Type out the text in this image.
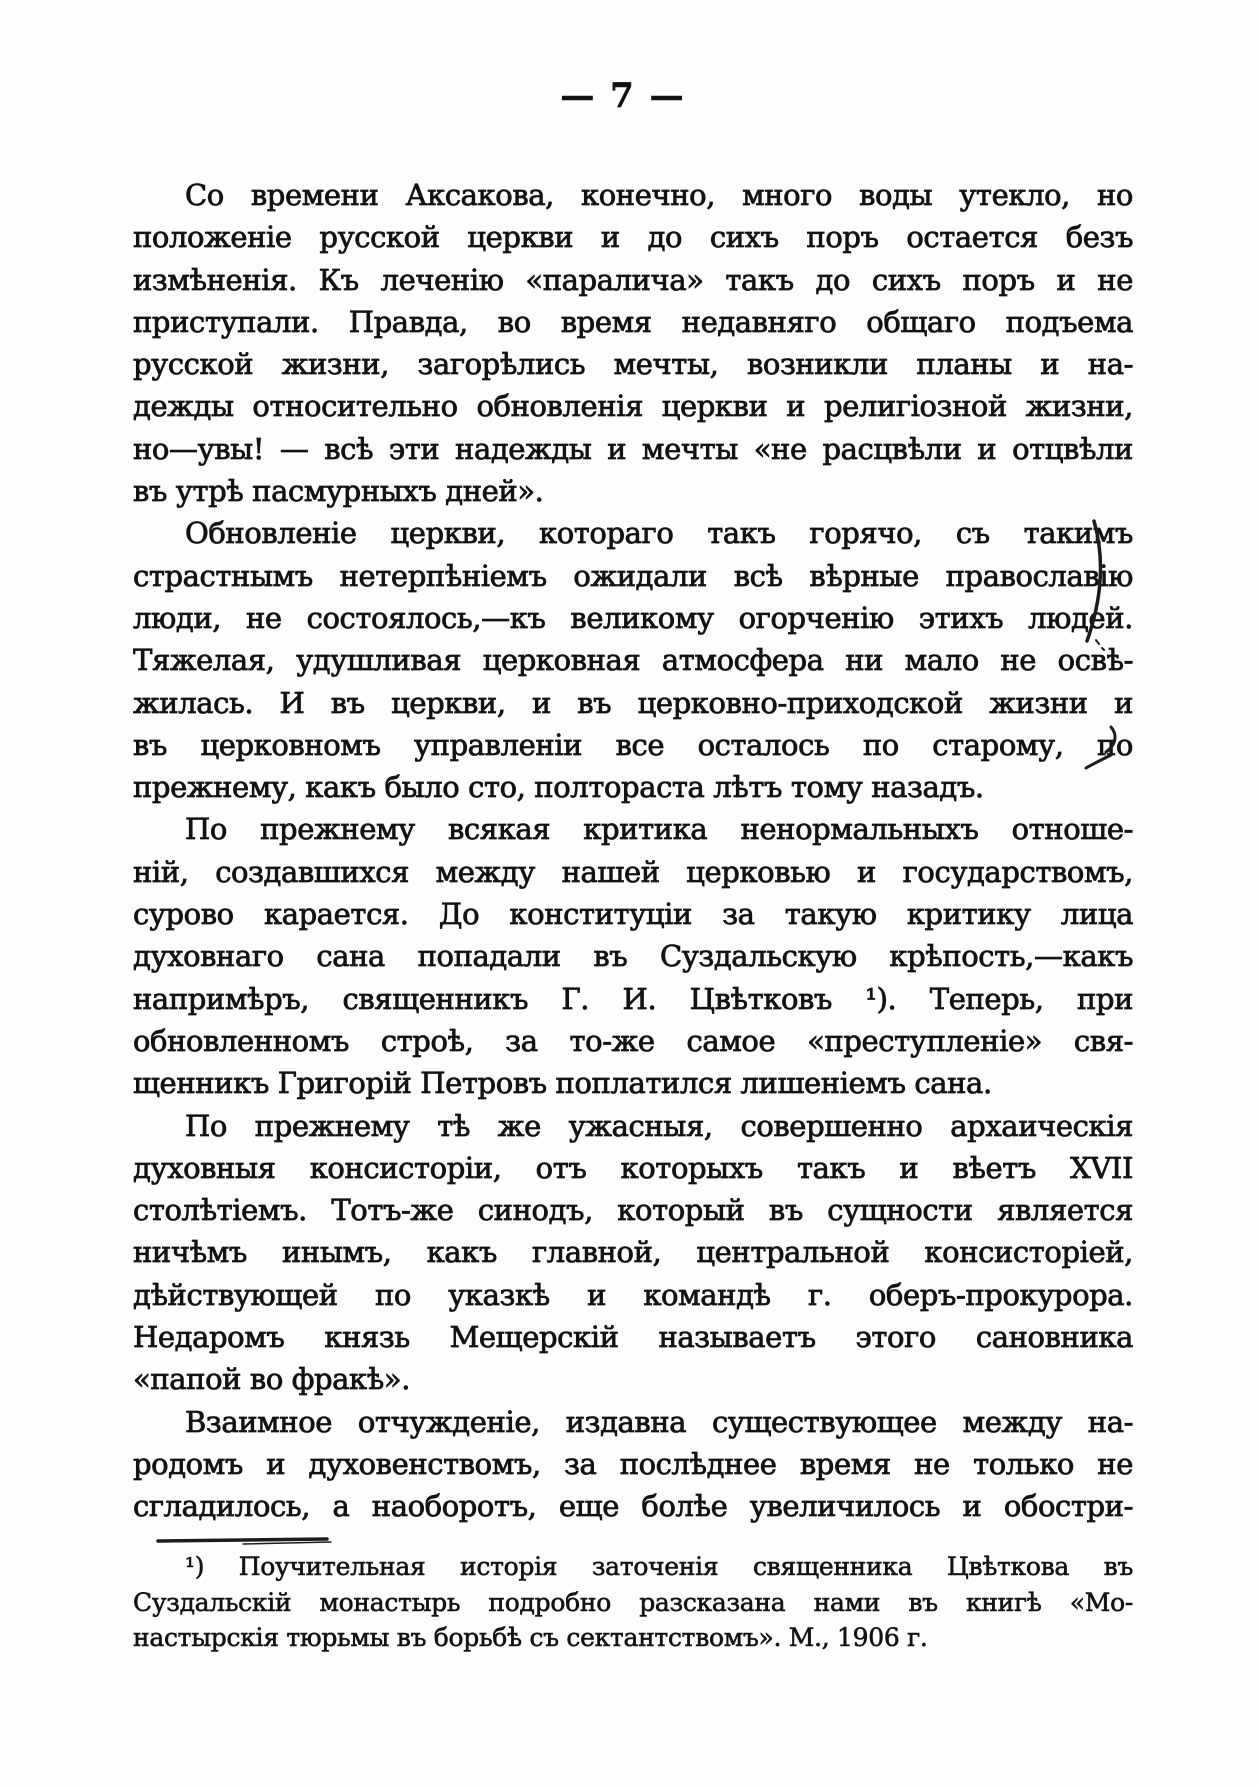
— 7 —
Со времени Аксакова, конечно, много воды утекло, но
положеніе русской церкви и до сихъ поръ остается безъ
измѣненія. Къ леченію «паралича» такъ до сихъ поръ и не
приступали. Правда, во время недавняго общаго подъема
русской жизни, загорѣлись мечты, возникли планы и на-
дежды относительно обновленія церкви и религіозной жизни,
но—увы! — всѣ эти надежды и мечты «не расцвѣли и отцвѣли
въ утрѣ пасмурныхъ дней».
Обновленіе церкви, котораго такъ горячо, съ такимъ
страстнымъ нетерпѣніемъ ожидали всѣ вѣрные православію
люди, не состоялось,—къ великому огорченію этихъ людей.
Тяжелая, удушливая церковная атмосфера ни мало не освѣ-
жилась. И въ церкви, и въ церковно-приходской жизни и
въ церковномъ управленіи все осталось по старому, по
прежнему, какъ было сто, полтораста лѣтъ тому назадъ.
По прежнему всякая критика ненормальныхъ отноше-
ній, создавшихся между нашей церковью и государствомъ,
сурово карается. До конституціи за такую критику лица
духовнаго сана попадали въ Суздальскую крѣпость,—какъ
напримѣръ, священникъ Г. И. Цвѣтковъ ¹). Теперь, при
обновленномъ строѣ, за то-же самое «преступленіе» свя-
щенникъ Григорій Петровъ поплатился лишеніемъ сана.
По прежнему тѣ же ужасныя, совершенно архаическія
духовныя консисторіи, отъ которыхъ такъ и вѣетъ XVII
столѣтіемъ. Тотъ-же синодъ, который въ сущности является
ничѣмъ инымъ, какъ главной, центральной консисторіей,
дѣйствующей по указкѣ и командѣ г. оберъ-прокурора.
Недаромъ князь Мещерскій называетъ этого сановника
«папой во фракѣ».
Взаимное отчужденіе, издавна существующее между на-
родомъ и духовенствомъ, за послѣднее время не только не
сгладилось, а наоборотъ, еще болѣе увеличилось и обостри-
¹) Поучительная исторія заточенія священника Цвѣткова въ
Суздальскій монастырь подробно разсказана нами въ книгѣ «Мо-
настырскія тюрьмы въ борьбѣ съ сектантствомъ». М., 1906 г.
